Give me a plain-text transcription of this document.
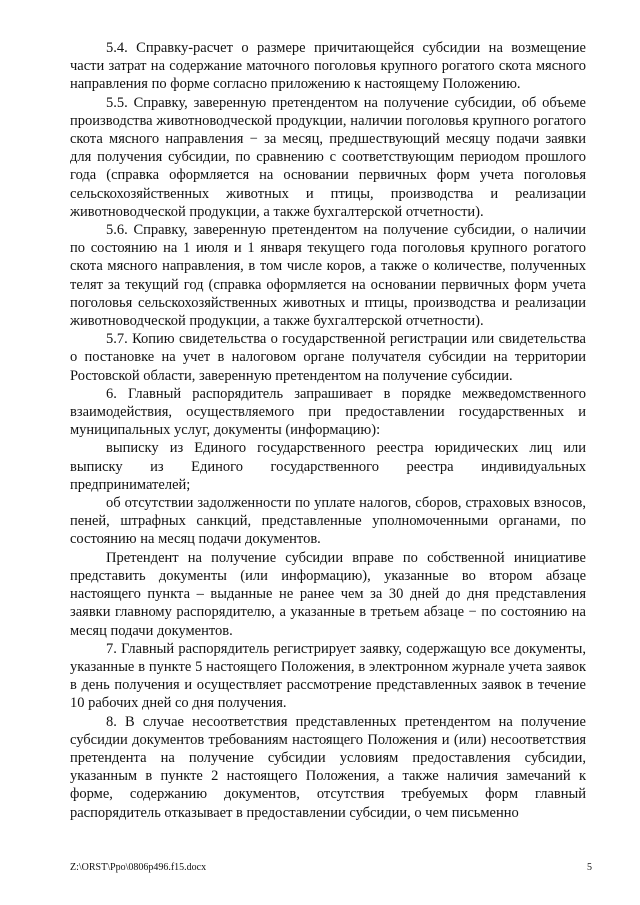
5.4. Справку-расчет о размере причитающейся субсидии на возмещение части затрат на содержание маточного поголовья крупного рогатого скота мясного направления по форме согласно приложению к настоящему Положению.

5.5. Справку, заверенную претендентом на получение субсидии, об объеме производства животноводческой продукции, наличии поголовья крупного рогатого скота мясного направления − за месяц, предшествующий месяцу подачи заявки для получения субсидии, по сравнению с соответствующим периодом прошлого года (справка оформляется на основании первичных форм учета поголовья сельскохозяйственных животных и птицы, производства и реализации животноводческой продукции, а также бухгалтерской отчетности).

5.6. Справку, заверенную претендентом на получение субсидии, о наличии по состоянию на 1 июля и 1 января текущего года поголовья крупного рогатого скота мясного направления, в том числе коров, а также о количестве, полученных телят за текущий год (справка оформляется на основании первичных форм учета поголовья сельскохозяйственных животных и птицы, производства и реализации животноводческой продукции, а также бухгалтерской отчетности).

5.7. Копию свидетельства о государственной регистрации или свидетельства о постановке на учет в налоговом органе получателя субсидии на территории Ростовской области, заверенную претендентом на получение субсидии.

6. Главный распорядитель запрашивает в порядке межведомственного взаимодействия, осуществляемого при предоставлении государственных и муниципальных услуг, документы (информацию):

выписку из Единого государственного реестра юридических лиц или выписку из Единого государственного реестра индивидуальных предпринимателей;

об отсутствии задолженности по уплате налогов, сборов, страховых взносов, пеней, штрафных санкций, представленные уполномоченными органами, по состоянию на месяц подачи документов.

Претендент на получение субсидии вправе по собственной инициативе представить документы (или информацию), указанные во втором абзаце настоящего пункта – выданные не ранее чем за 30 дней до дня представления заявки главному распорядителю, а указанные в третьем абзаце − по состоянию на месяц подачи документов.

7. Главный распорядитель регистрирует заявку, содержащую все документы, указанные в пункте 5 настоящего Положения, в электронном журнале учета заявок в день получения и осуществляет рассмотрение представленных заявок в течение 10 рабочих дней со дня получения.

8. В случае несоответствия представленных претендентом на получение субсидии документов требованиям настоящего Положения и (или) несоответствия претендента на получение субсидии условиям предоставления субсидии, указанным в пункте 2 настоящего Положения, а также наличия замечаний к форме, содержанию документов, отсутствия требуемых форм главный распорядитель отказывает в предоставлении субсидии, о чем письменно

Z:\ORST\Ppo\0806p496.f15.docx	5
